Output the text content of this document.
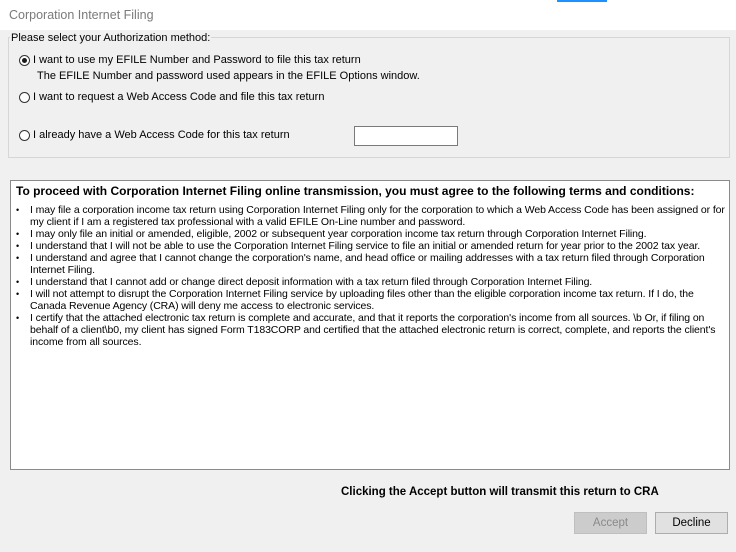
Corporation Internet Filing
Please select your Authorization method:
I want to use my EFILE Number and Password to file this tax return
The EFILE Number and password used appears in the EFILE Options window.
I want to request a Web Access Code and file this tax return
I already have a Web Access Code for this tax return
To proceed with Corporation Internet Filing online transmission, you must agree to the following terms and conditions:
• I may file a corporation income tax return using Corporation Internet Filing only for the corporation to which a Web Access Code has been assigned or for my client if I am a registered tax professional with a valid EFILE On-Line number and password.
• I may only file an initial or amended, eligible, 2002 or subsequent year corporation income tax return through Corporation Internet Filing.
• I understand that I will not be able to use the Corporation Internet Filing service to file an initial or amended return for year prior to the 2002 tax year.
• I understand and agree that I cannot change the corporation's name, and head office or mailing addresses with a tax return filed through Corporation Internet Filing.
• I understand that I cannot add or change direct deposit information with a tax return filed through Corporation Internet Filing.
• I will not attempt to disrupt the Corporation Internet Filing service by uploading files other than the eligible corporation income tax return. If I do, the Canada Revenue Agency (CRA) will deny me access to electronic services.
• I certify that the attached electronic tax return is complete and accurate, and that it reports the corporation's income from all sources. \b Or, if filing on behalf of a client\b0, my client has signed Form T183CORP and certified that the attached electronic return is correct, complete, and reports the client's income from all sources.
Clicking the Accept button will transmit this return to CRA
Accept	Decline
